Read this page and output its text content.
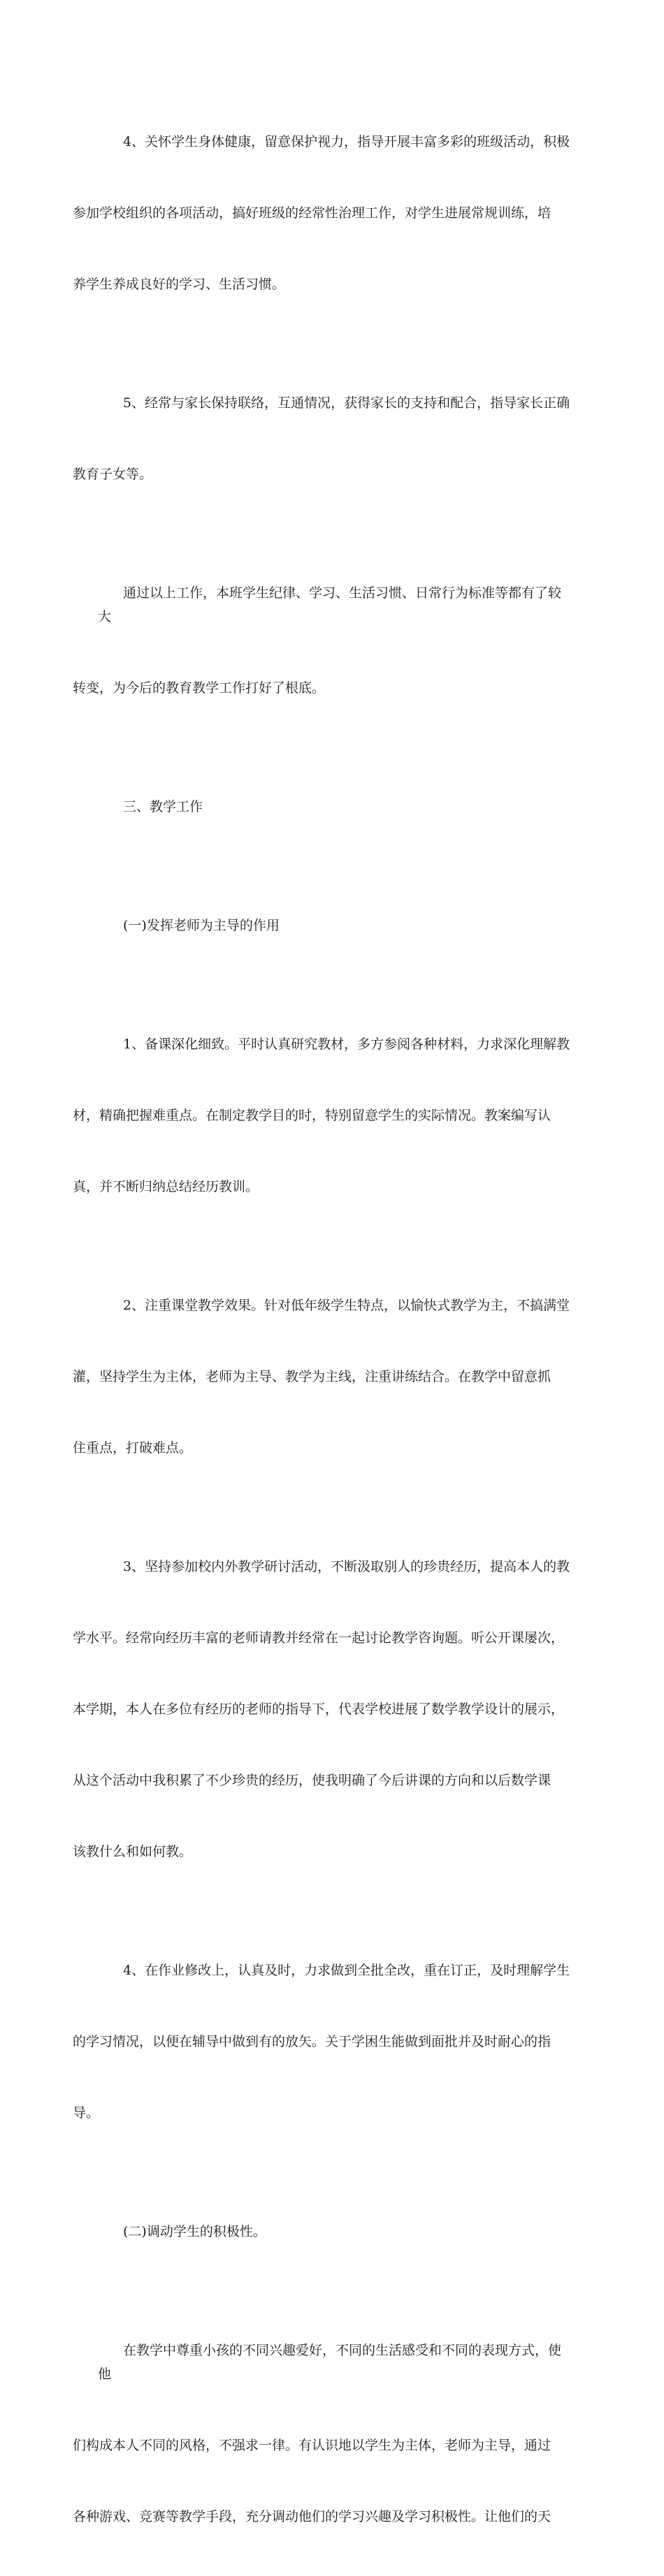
4、关怀学生身体健康，留意保护视力，指导开展丰富多彩的班级活动，积极

参加学校组织的各项活动，搞好班级的经常性治理工作，对学生进展常规训练，培

养学生养成良好的学习、生活习惯。

5、经常与家长保持联络，互通情况，获得家长的支持和配合，指导家长正确

教育子女等。

通过以上工作，本班学生纪律、学习、生活习惯、日常行为标准等都有了较大

转变，为今后的教育教学工作打好了根底。

三、教学工作

(一)发挥老师为主导的作用

1、备课深化细致。平时认真研究教材，多方参阅各种材料，力求深化理解教

材，精确把握难重点。在制定教学目的时，特别留意学生的实际情况。教案编写认

真，并不断归纳总结经历教训。

2、注重课堂教学效果。针对低年级学生特点，以愉快式教学为主，不搞满堂

灌，坚持学生为主体，老师为主导、教学为主线，注重讲练结合。在教学中留意抓

住重点，打破难点。

3、坚持参加校内外教学研讨活动，不断汲取别人的珍贵经历，提高本人的教

学水平。经常向经历丰富的老师请教并经常在一起讨论教学咨询题。听公开课屡次，

本学期，本人在多位有经历的老师的指导下，代表学校进展了数学教学设计的展示，

从这个活动中我积累了不少珍贵的经历，使我明确了今后讲课的方向和以后数学课

该教什么和如何教。

4、在作业修改上，认真及时，力求做到全批全改，重在订正，及时理解学生

的学习情况，以便在辅导中做到有的放矢。关于学困生能做到面批并及时耐心的指

导。

(二)调动学生的积极性。

在教学中尊重小孩的不同兴趣爱好，不同的生活感受和不同的表现方式，使他

们构成本人不同的风格，不强求一律。有认识地以学生为主体，老师为主导，通过

各种游戏、竞赛等教学手段，充分调动他们的学习兴趣及学习积极性。让他们的天
